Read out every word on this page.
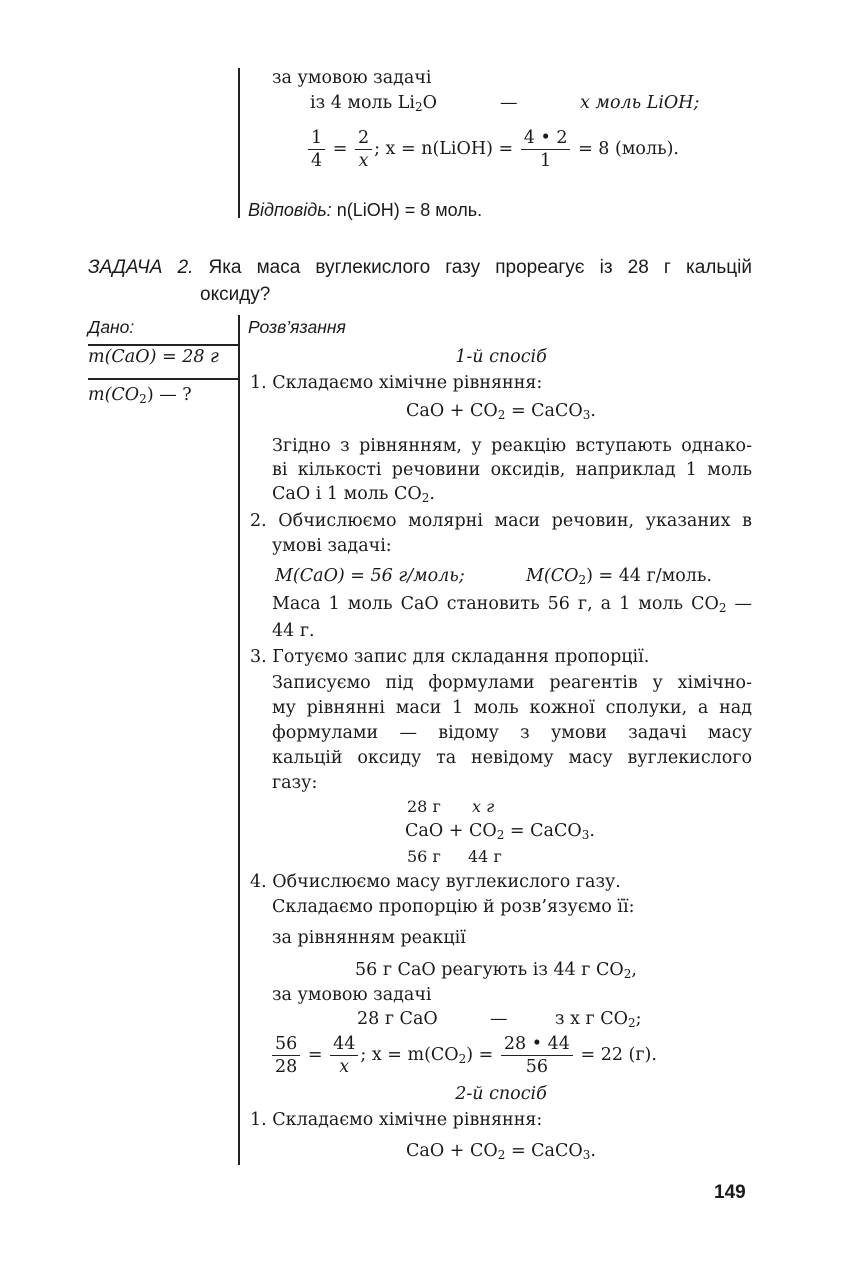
за умовою задачі
із 4 моль $Li_2O$	—	x моль LiOH;
$\frac{1}{4} = \frac{2}{x}$ ; x = n(LiOH) = $\frac{4 • 2}{1} = 8$ (моль).
Відповідь: n(LiOH) = 8 моль.
ЗАДАЧА 2. Яка маса вуглекислого газу прореагує із 28 г кальцій
оксиду?
Дано:	Розв’язання
m(CaO) = 28 г
$m(CO_2)$ — ?
1-й спосіб
1. Складаємо хімічне рівняння:
CaO + $CO_2$ = CaCO$_3$.
Згідно з рівнянням, у реакцію вступають однако-
ві кількості речовини оксидів, наприклад 1 моль
CaO і 1 моль $CO_2$.
2. Обчислюємо молярні маси речовин, указаних в
умові задачі:
M(CaO) = 56 г/моль;	$M(CO_2) = 44$ г/моль.
Маса 1 моль CaO становить 56 г, а 1 моль $CO_2$ —
44 г.
3. Готуємо запис для складання пропорції.
Записуємо під формулами реагентів у хімічно-
му рівнянні маси 1 моль кожної сполуки, а над
формулами — відому з умови задачі масу
кальцій оксиду та невідому масу вуглекислого
газу:
28 г x г
CaO + $CO_2$ = CaCO$_3$.
56 г 44 г
4. Обчислюємо масу вуглекислого газу.
Складаємо пропорцію й розв’язуємо її:
за рівнянням реакції
56 г CaO реагують із 44 г $CO_2$,
за умовою задачі
28 г CaO	—	з x г $CO_2$;
$\frac{56}{28} = \frac{44}{x}$ ; $x = m(CO_2) = \frac{28 • 44}{56} = 22$ (г).
2-й спосіб
1. Складаємо хімічне рівняння:
CaO + $CO_2$ = CaCO$_3$.
149
